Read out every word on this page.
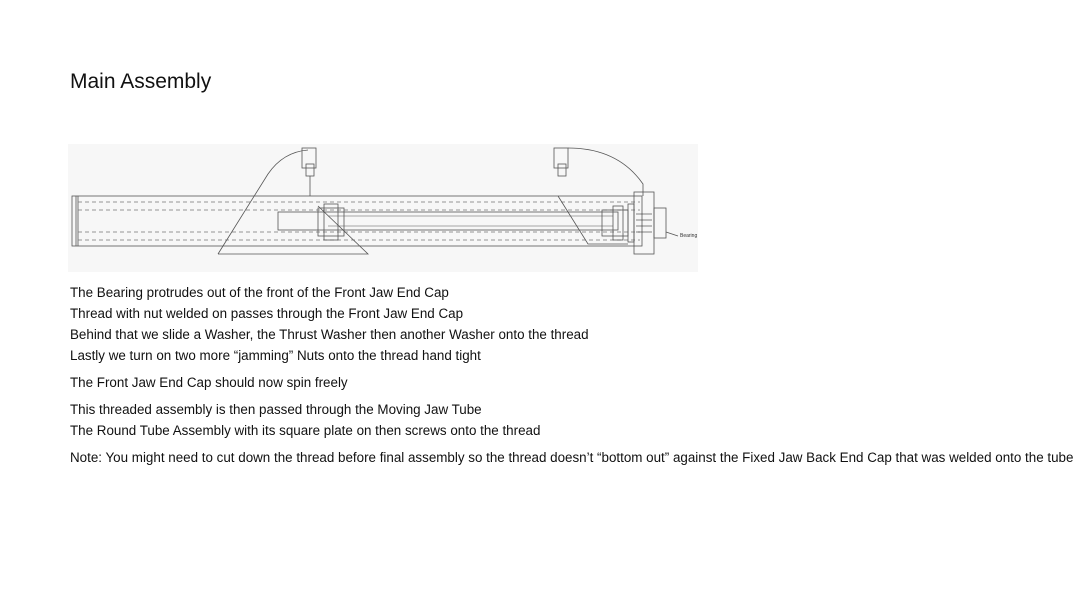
Main Assembly
Bearing

The Bearing protrudes out of the front of the Front Jaw End Cap
Thread with nut welded on passes through the Front Jaw End Cap
Behind that we slide a Washer, the Thrust Washer then another Washer onto the thread
Lastly we turn on two more “jamming” Nuts onto the thread hand tight

The Front Jaw End Cap should now spin freely

This threaded assembly is then passed through the Moving Jaw Tube
The Round Tube Assembly with its square plate on then screws onto the thread

Note: You might need to cut down the thread before final assembly so the thread doesn’t “bottom out” against the Fixed Jaw Back End Cap that was welded onto the tube
